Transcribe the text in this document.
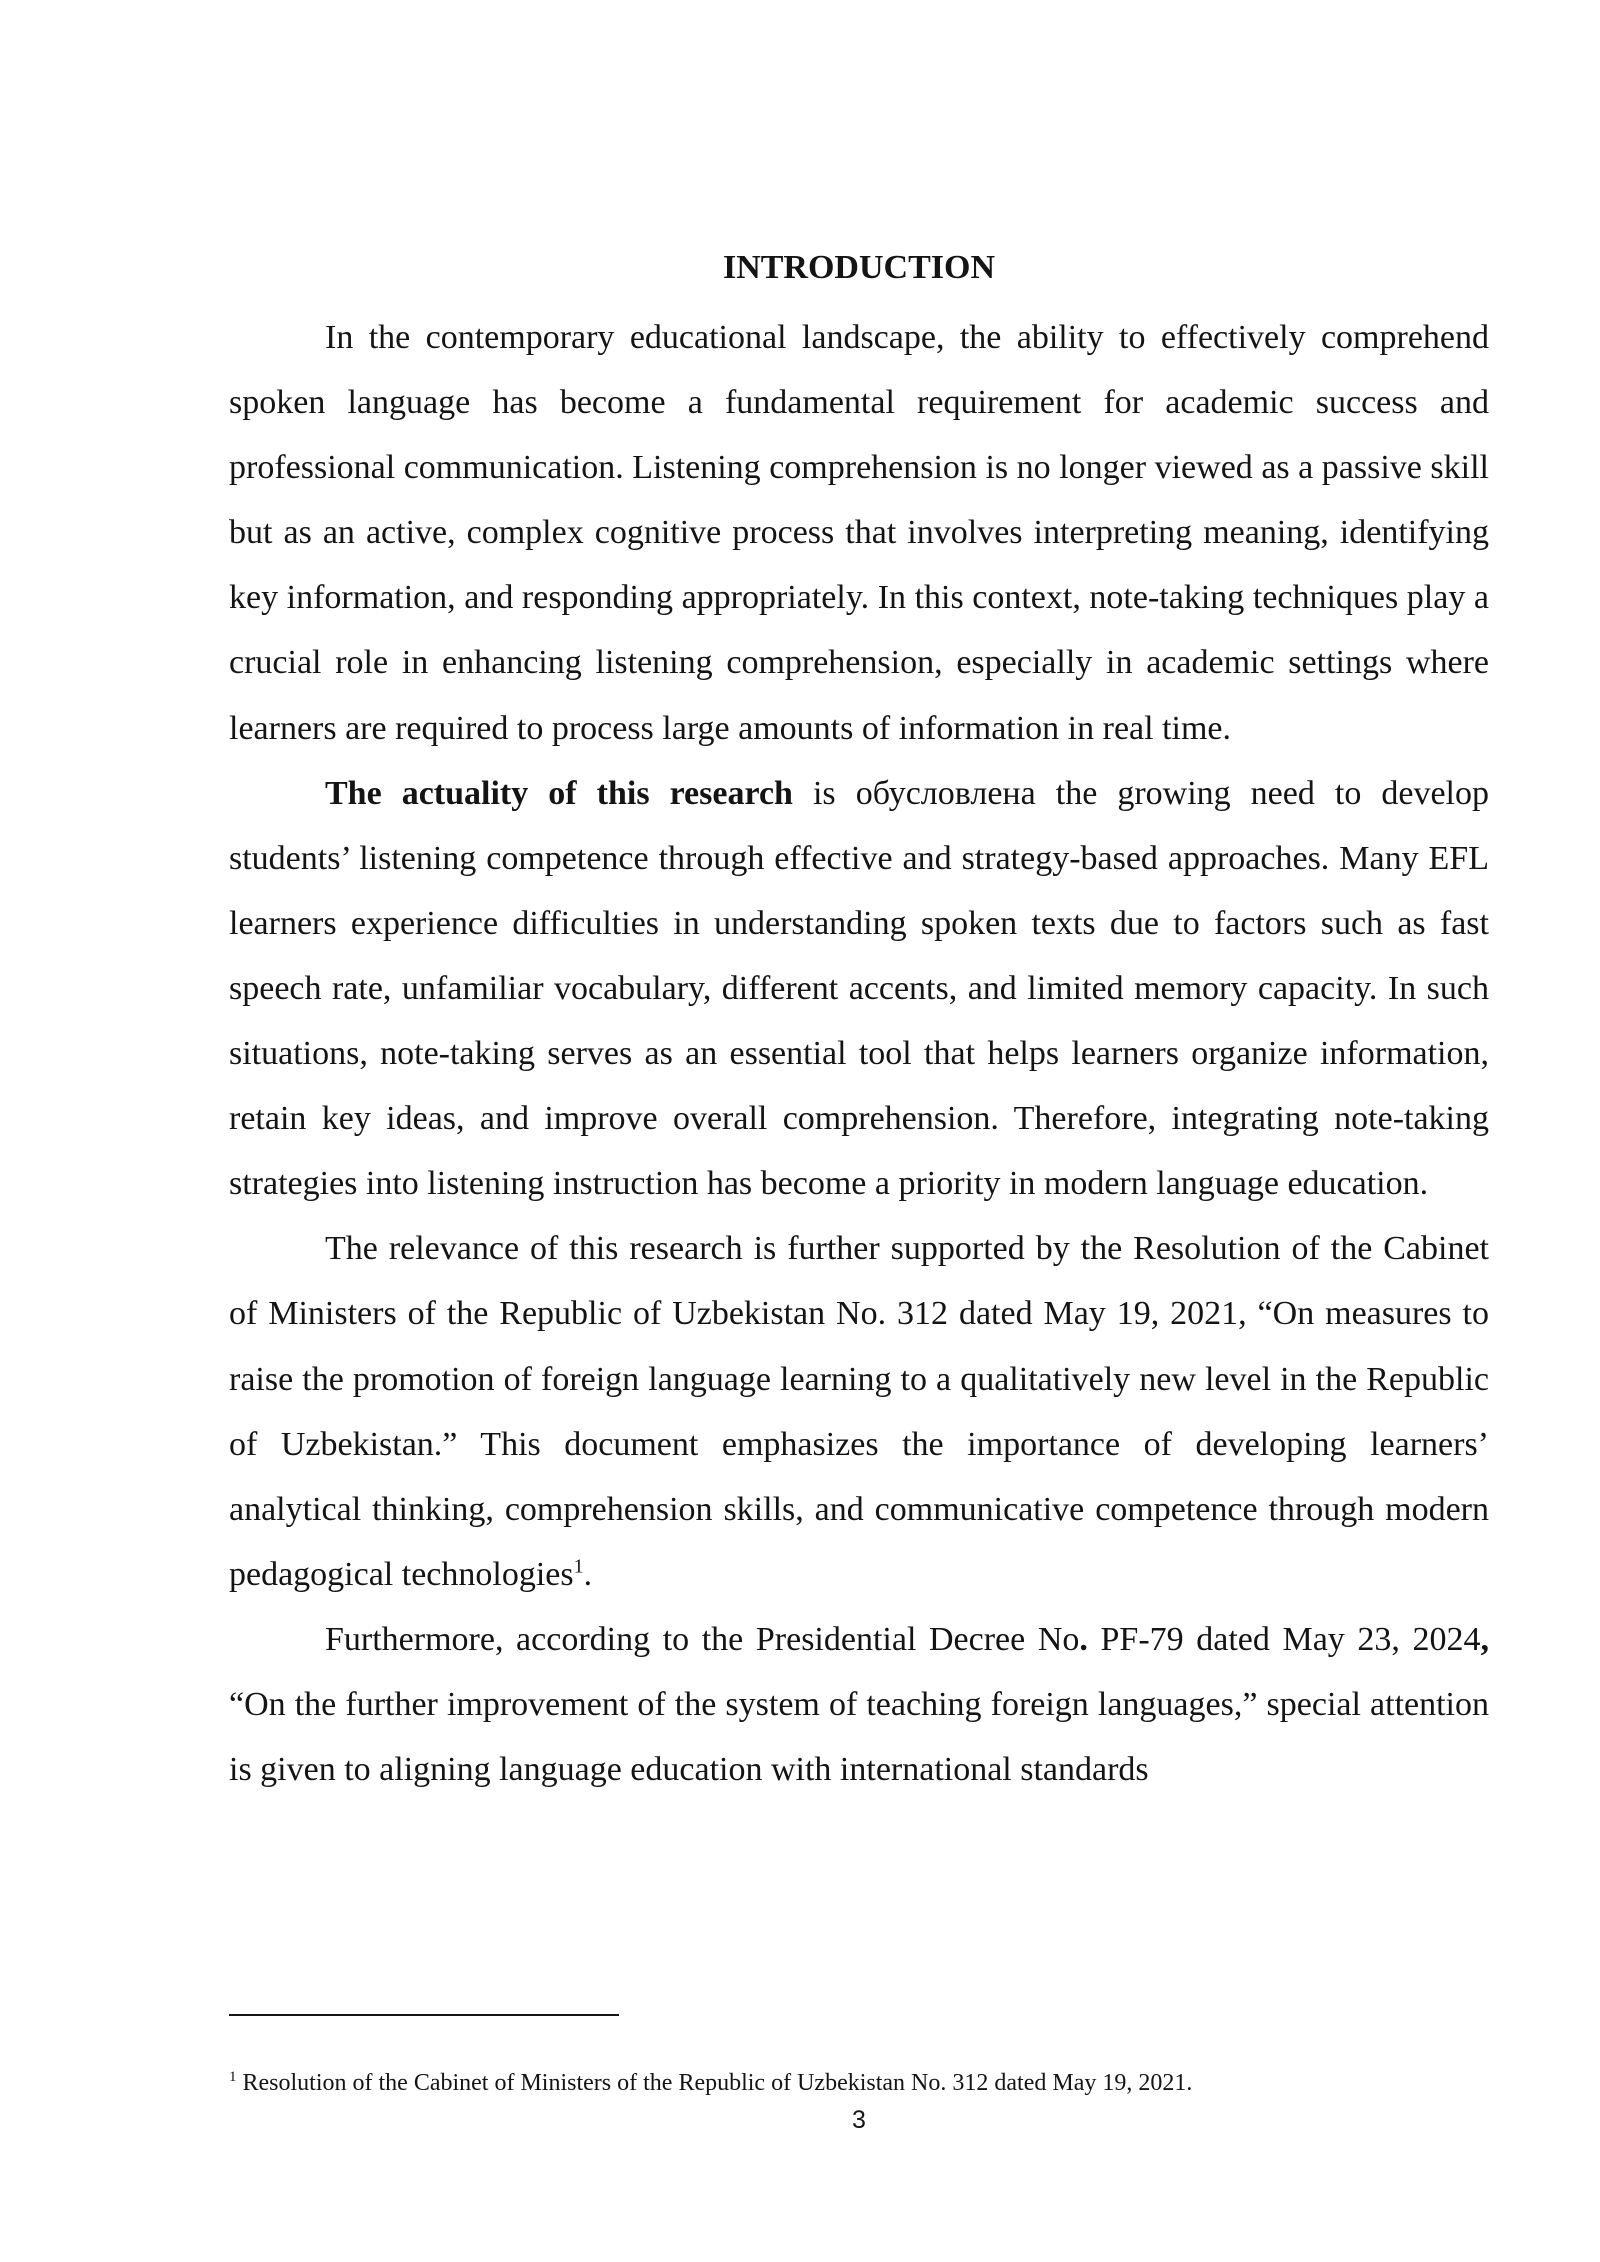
INTRODUCTION

In the contemporary educational landscape, the ability to effectively comprehend spoken language has become a fundamental requirement for academic success and professional communication. Listening comprehension is no longer viewed as a passive skill but as an active, complex cognitive process that involves interpreting meaning, identifying key information, and responding appropriately. In this context, note-taking techniques play a crucial role in enhancing listening comprehension, especially in academic settings where learners are required to process large amounts of information in real time.

The actuality of this research is обусловлена the growing need to develop students’ listening competence through effective and strategy-based approaches. Many EFL learners experience difficulties in understanding spoken texts due to factors such as fast speech rate, unfamiliar vocabulary, different accents, and limited memory capacity. In such situations, note-taking serves as an essential tool that helps learners organize information, retain key ideas, and improve overall comprehension. Therefore, integrating note-taking strategies into listening instruction has become a priority in modern language education.

The relevance of this research is further supported by the Resolution of the Cabinet of Ministers of the Republic of Uzbekistan No. 312 dated May 19, 2021, “On measures to raise the promotion of foreign language learning to a qualitatively new level in the Republic of Uzbekistan.” This document emphasizes the importance of developing learners’ analytical thinking, comprehension skills, and communicative competence through modern pedagogical technologies$^1$.

Furthermore, according to the Presidential Decree No. PF-79 dated May 23, 2024, “On the further improvement of the system of teaching foreign languages,” special attention is given to aligning language education with international standards

$^1$ Resolution of the Cabinet of Ministers of the Republic of Uzbekistan No. 312 dated May 19, 2021.

3
